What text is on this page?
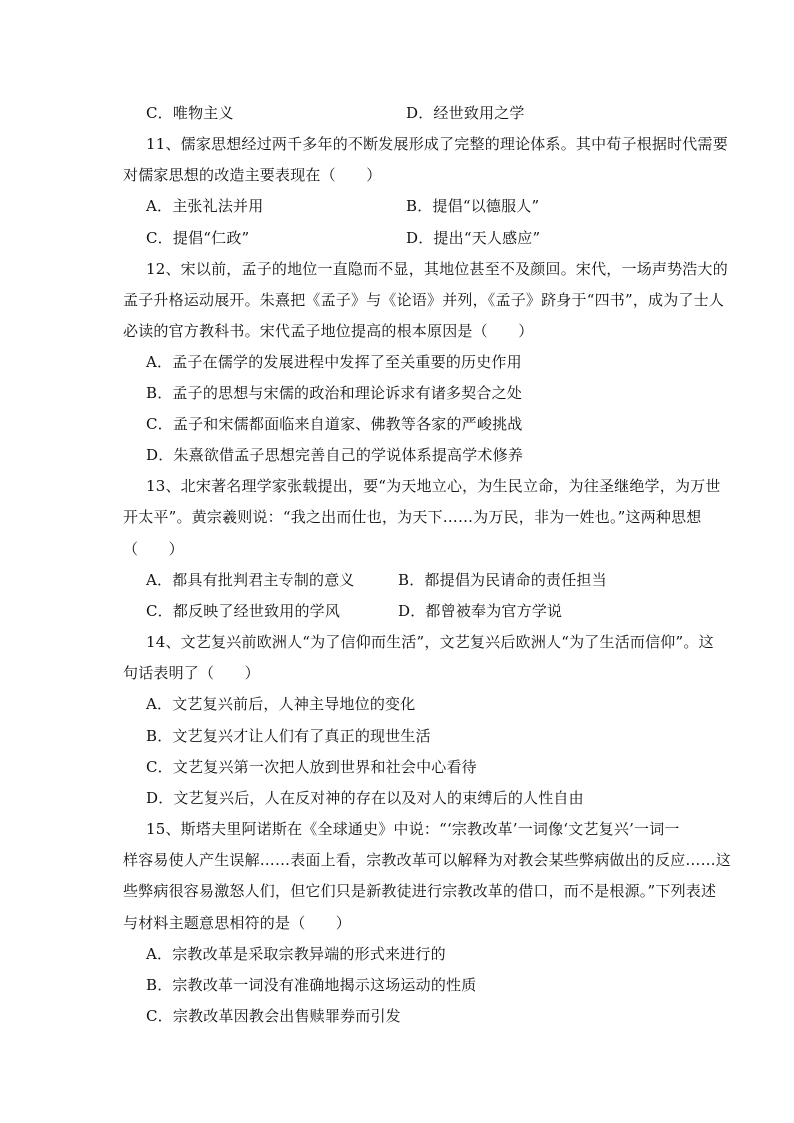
C．唯物主义	D．经世致用之学
11、儒家思想经过两千多年的不断发展形成了完整的理论体系。其中荀子根据时代需要
对儒家思想的改造主要表现在（　　）
A．主张礼法并用	B．提倡“以德服人”
C．提倡“仁政”	D．提出“天人感应”
12、宋以前，孟子的地位一直隐而不显，其地位甚至不及颜回。宋代，一场声势浩大的
孟子升格运动展开。朱熹把《孟子》与《论语》并列，《孟子》跻身于“四书”，成为了士人
必读的官方教科书。宋代孟子地位提高的根本原因是（　　）
A．孟子在儒学的发展进程中发挥了至关重要的历史作用
B．孟子的思想与宋儒的政治和理论诉求有诸多契合之处
C．孟子和宋儒都面临来自道家、佛教等各家的严峻挑战
D．朱熹欲借孟子思想完善自己的学说体系提高学术修养
13、北宋著名理学家张载提出，要“为天地立心，为生民立命，为往圣继绝学，为万世
开太平”。黄宗羲则说：“我之出而仕也，为天下……为万民，非为一姓也。”这两种思想
（　　）
A．都具有批判君主专制的意义	B．都提倡为民请命的责任担当
C．都反映了经世致用的学风	D．都曾被奉为官方学说
14、文艺复兴前欧洲人“为了信仰而生活”，文艺复兴后欧洲人“为了生活而信仰”。这
句话表明了（　　）
A．文艺复兴前后，人神主导地位的变化
B．文艺复兴才让人们有了真正的现世生活
C．文艺复兴第一次把人放到世界和社会中心看待
D．文艺复兴后，人在反对神的存在以及对人的束缚后的人性自由
15、斯塔夫里阿诺斯在《全球通史》中说：“‘宗教改革’一词像‘文艺复兴’一词一
样容易使人产生误解……表面上看，宗教改革可以解释为对教会某些弊病做出的反应……这
些弊病很容易激怒人们，但它们只是新教徒进行宗教改革的借口，而不是根源。”下列表述
与材料主题意思相符的是（　　）
A．宗教改革是采取宗教异端的形式来进行的
B．宗教改革一词没有准确地揭示这场运动的性质
C．宗教改革因教会出售赎罪券而引发
